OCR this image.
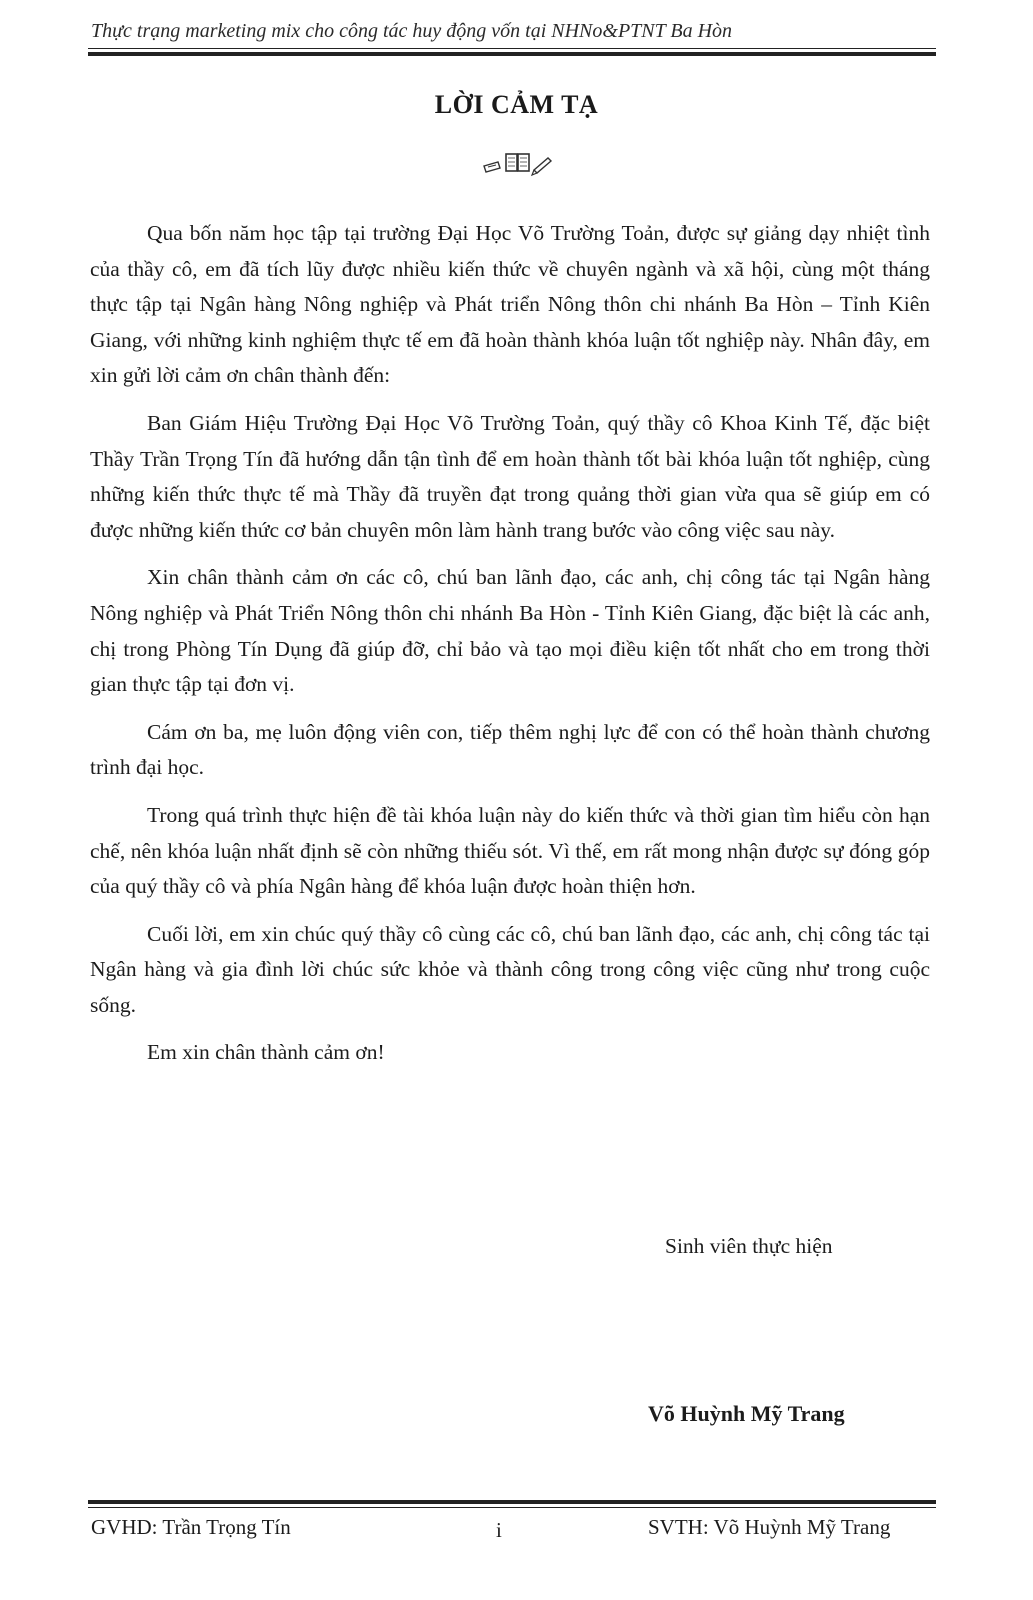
Thực trạng marketing mix cho công tác huy động vốn tại NHNo&PTNT Ba Hòn
LỜI CẢM TẠ

Qua bốn năm học tập tại trường Đại Học Võ Trường Toản, được sự giảng dạy nhiệt tình của thầy cô, em đã tích lũy được nhiều kiến thức về chuyên ngành và xã hội, cùng một tháng thực tập tại Ngân hàng Nông nghiệp và Phát triển Nông thôn chi nhánh Ba Hòn – Tỉnh Kiên Giang, với những kinh nghiệm thực tế em đã hoàn thành khóa luận tốt nghiệp này. Nhân đây, em xin gửi lời cảm ơn chân thành đến:

Ban Giám Hiệu Trường Đại Học Võ Trường Toản, quý thầy cô Khoa Kinh Tế, đặc biệt Thầy Trần Trọng Tín đã hướng dẫn tận tình để em hoàn thành tốt bài khóa luận tốt nghiệp, cùng những kiến thức thực tế mà Thầy đã truyền đạt trong quảng thời gian vừa qua sẽ giúp em có được những kiến thức cơ bản chuyên môn làm hành trang bước vào công việc sau này.

Xin chân thành cảm ơn các cô, chú ban lãnh đạo, các anh, chị công tác tại Ngân hàng Nông nghiệp và Phát Triển Nông thôn chi nhánh Ba Hòn - Tỉnh Kiên Giang, đặc biệt là các anh, chị trong Phòng Tín Dụng đã giúp đỡ, chỉ bảo và tạo mọi điều kiện tốt nhất cho em trong thời gian thực tập tại đơn vị.

Cám ơn ba, mẹ luôn động viên con, tiếp thêm nghị lực để con có thể hoàn thành chương trình đại học.

Trong quá trình thực hiện đề tài khóa luận này do kiến thức và thời gian tìm hiểu còn hạn chế, nên khóa luận nhất định sẽ còn những thiếu sót. Vì thế, em rất mong nhận được sự đóng góp của quý thầy cô và phía Ngân hàng để khóa luận được hoàn thiện hơn.

Cuối lời, em xin chúc quý thầy cô cùng các cô, chú ban lãnh đạo, các anh, chị công tác tại Ngân hàng và gia đình lời chúc sức khỏe và thành công trong công việc cũng như trong cuộc sống.

Em xin chân thành cảm ơn!

Sinh viên thực hiện
Võ Huỳnh Mỹ Trang
GVHD: Trần Trọng Tín	i	SVTH: Võ Huỳnh Mỹ Trang
